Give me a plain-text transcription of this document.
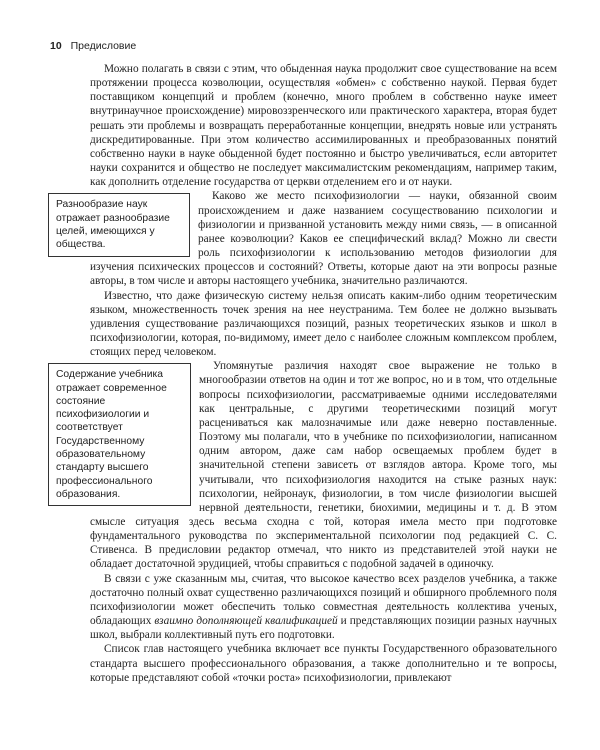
10 Предисловие

Можно полагать в связи с этим, что обыденная наука продолжит свое существование на всем протяжении процесса коэволюции, осуществляя «обмен» с собственно наукой. Первая будет поставщиком концепций и проблем (конечно, много проблем в собственно науке имеет внутринаучное происхождение) мировоззренческого или практического характера, вторая будет решать эти проблемы и возвращать переработанные концепции, внедрять новые или устранять дискредитированные. При этом количество ассимилированных и преобразованных понятий собственно науки в науке обыденной будет постоянно и быстро увеличиваться, если авторитет науки сохранится и общество не последует максималистским рекомендациям, например таким, как дополнить отделение государства от церкви отделением его и от науки.

Разнообразие наук отражает разнообразие целей, имеющихся у общества.
Каково же место психофизиологии — науки, обязанной своим происхождением и даже названием сосуществованию психологии и физиологии и призванной установить между ними связь, — в описанной ранее коэволюции? Каков ее специфический вклад? Можно ли свести роль психофизиологии к использованию методов физиологии для изучения психических процессов и состояний? Ответы, которые дают на эти вопросы разные авторы, в том числе и авторы настоящего учебника, значительно различаются.

Известно, что даже физическую систему нельзя описать каким-либо одним теоретическим языком, множественность точек зрения на нее неустранима. Тем более не должно вызывать удивления существование различающихся позиций, разных теоретических языков и школ в психофизиологии, которая, по-видимому, имеет дело с наиболее сложным комплексом проблем, стоящих перед человеком.

Содержание учебника отражает современное состояние психофизиологии и соответствует Государственному образовательному стандарту высшего профессионального образования.
Упомянутые различия находят свое выражение не только в многообразии ответов на один и тот же вопрос, но и в том, что отдельные вопросы психофизиологии, рассматриваемые одними исследователями как центральные, с другими теоретическими позиций могут расцениваться как малозначимые или даже неверно поставленные. Поэтому мы полагали, что в учебнике по психофизиологии, написанном одним автором, даже сам набор освещаемых проблем будет в значительной степени зависеть от взглядов автора. Кроме того, мы учитывали, что психофизиология находится на стыке разных наук: психологии, нейронаук, физиологии, в том числе физиологии высшей нервной деятельности, генетики, биохимии, медицины и т. д. В этом смысле ситуация здесь весьма сходна с той, которая имела место при подготовке фундаментального руководства по экспериментальной психологии под редакцией С. С. Стивенса. В предисловии редактор отмечал, что никто из представителей этой науки не обладает достаточной эрудицией, чтобы справиться с подобной задачей в одиночку.

В связи с уже сказанным мы, считая, что высокое качество всех разделов учебника, а также достаточно полный охват существенно различающихся позиций и обширного проблемного поля психофизиологии может обеспечить только совместная деятельность коллектива ученых, обладающих взаимно дополняющей квалификацией и представляющих позиции разных научных школ, выбрали коллективный путь его подготовки.

Список глав настоящего учебника включает все пункты Государственного образовательного стандарта высшего профессионального образования, а также дополнительно и те вопросы, которые представляют собой «точки роста» психофизиологии, привлекают
